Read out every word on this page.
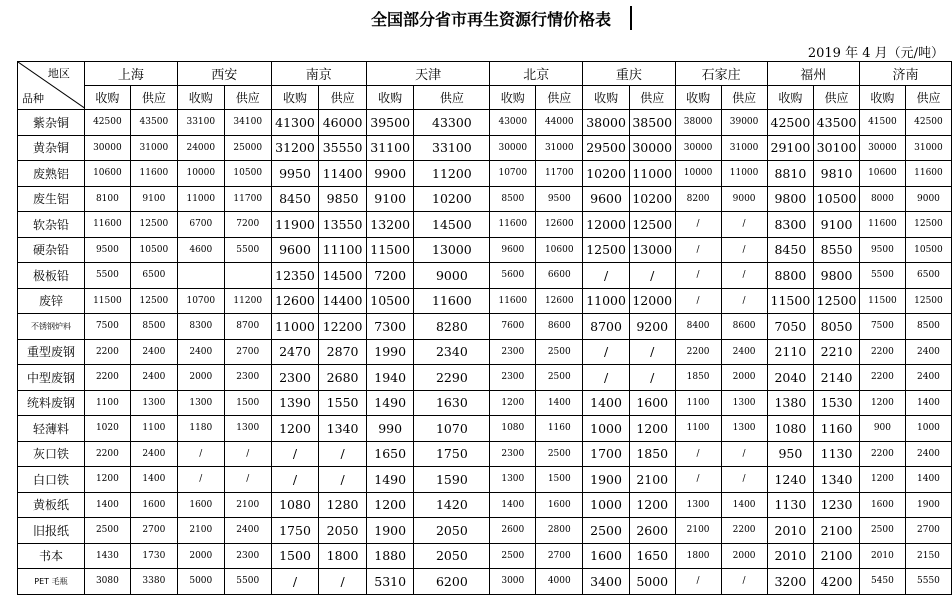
全国部分省市再生资源行情价格表
2019 年 4 月（元/吨）
地区
品种	上海		西安		南京		天津		北京		重庆		石家庄		福州		济南	
	收购	供应	收购	供应	收购	供应	收购	供应	收购	供应	收购	供应	收购	供应	收购	供应	收购	供应
紫杂铜	42500	43500	33100	34100	41300	46000	39500	43300	43000	44000	38000	38500	38000	39000	42500	43500	41500	42500
黄杂铜	30000	31000	24000	25000	31200	35550	31100	33100	30000	31000	29500	30000	30000	31000	29100	30100	30000	31000
废熟铝	10600	11600	10000	10500	9950	11400	9900	11200	10700	11700	10200	11000	10000	11000	8810	9810	10600	11600
废生铝	8100	9100	11000	11700	8450	9850	9100	10200	8500	9500	9600	10200	8200	9000	9800	10500	8000	9000
软杂铅	11600	12500	6700	7200	11900	13550	13200	14500	11600	12600	12000	12500	/	/	8300	9100	11600	12500
硬杂铅	9500	10500	4600	5500	9600	11100	11500	13000	9600	10600	12500	13000	/	/	8450	8550	9500	10500
极板铅	5500	6500			12350	14500	7200	9000	5600	6600	/	/	/	/	8800	9800	5500	6500
废锌	11500	12500	10700	11200	12600	14400	10500	11600	11600	12600	11000	12000	/	/	11500	12500	11500	12500
不锈钢炉料	7500	8500	8300	8700	11000	12200	7300	8280	7600	8600	8700	9200	8400	8600	7050	8050	7500	8500
重型废钢	2200	2400	2400	2700	2470	2870	1990	2340	2300	2500	/	/	2200	2400	2110	2210	2200	2400
中型废钢	2200	2400	2000	2300	2300	2680	1940	2290	2300	2500	/	/	1850	2000	2040	2140	2200	2400
统料废钢	1100	1300	1300	1500	1390	1550	1490	1630	1200	1400	1400	1600	1100	1300	1380	1530	1200	1400
轻薄料	1020	1100	1180	1300	1200	1340	990	1070	1080	1160	1000	1200	1100	1300	1080	1160	900	1000
灰口铁	2200	2400	/	/	/	/	1650	1750	2300	2500	1700	1850	/	/	950	1130	2200	2400
白口铁	1200	1400	/	/	/	/	1490	1590	1300	1500	1900	2100	/	/	1240	1340	1200	1400
黄板纸	1400	1600	1600	2100	1080	1280	1200	1420	1400	1600	1000	1200	1300	1400	1130	1230	1600	1900
旧报纸	2500	2700	2100	2400	1750	2050	1900	2050	2600	2800	2500	2600	2100	2200	2010	2100	2500	2700
书本	1430	1730	2000	2300	1500	1800	1880	2050	2500	2700	1600	1650	1800	2000	2010	2100	2010	2150
PET 毛瓶	3080	3380	5000	5500	/	/	5310	6200	3000	4000	3400	5000	/	/	3200	4200	5450	5550
